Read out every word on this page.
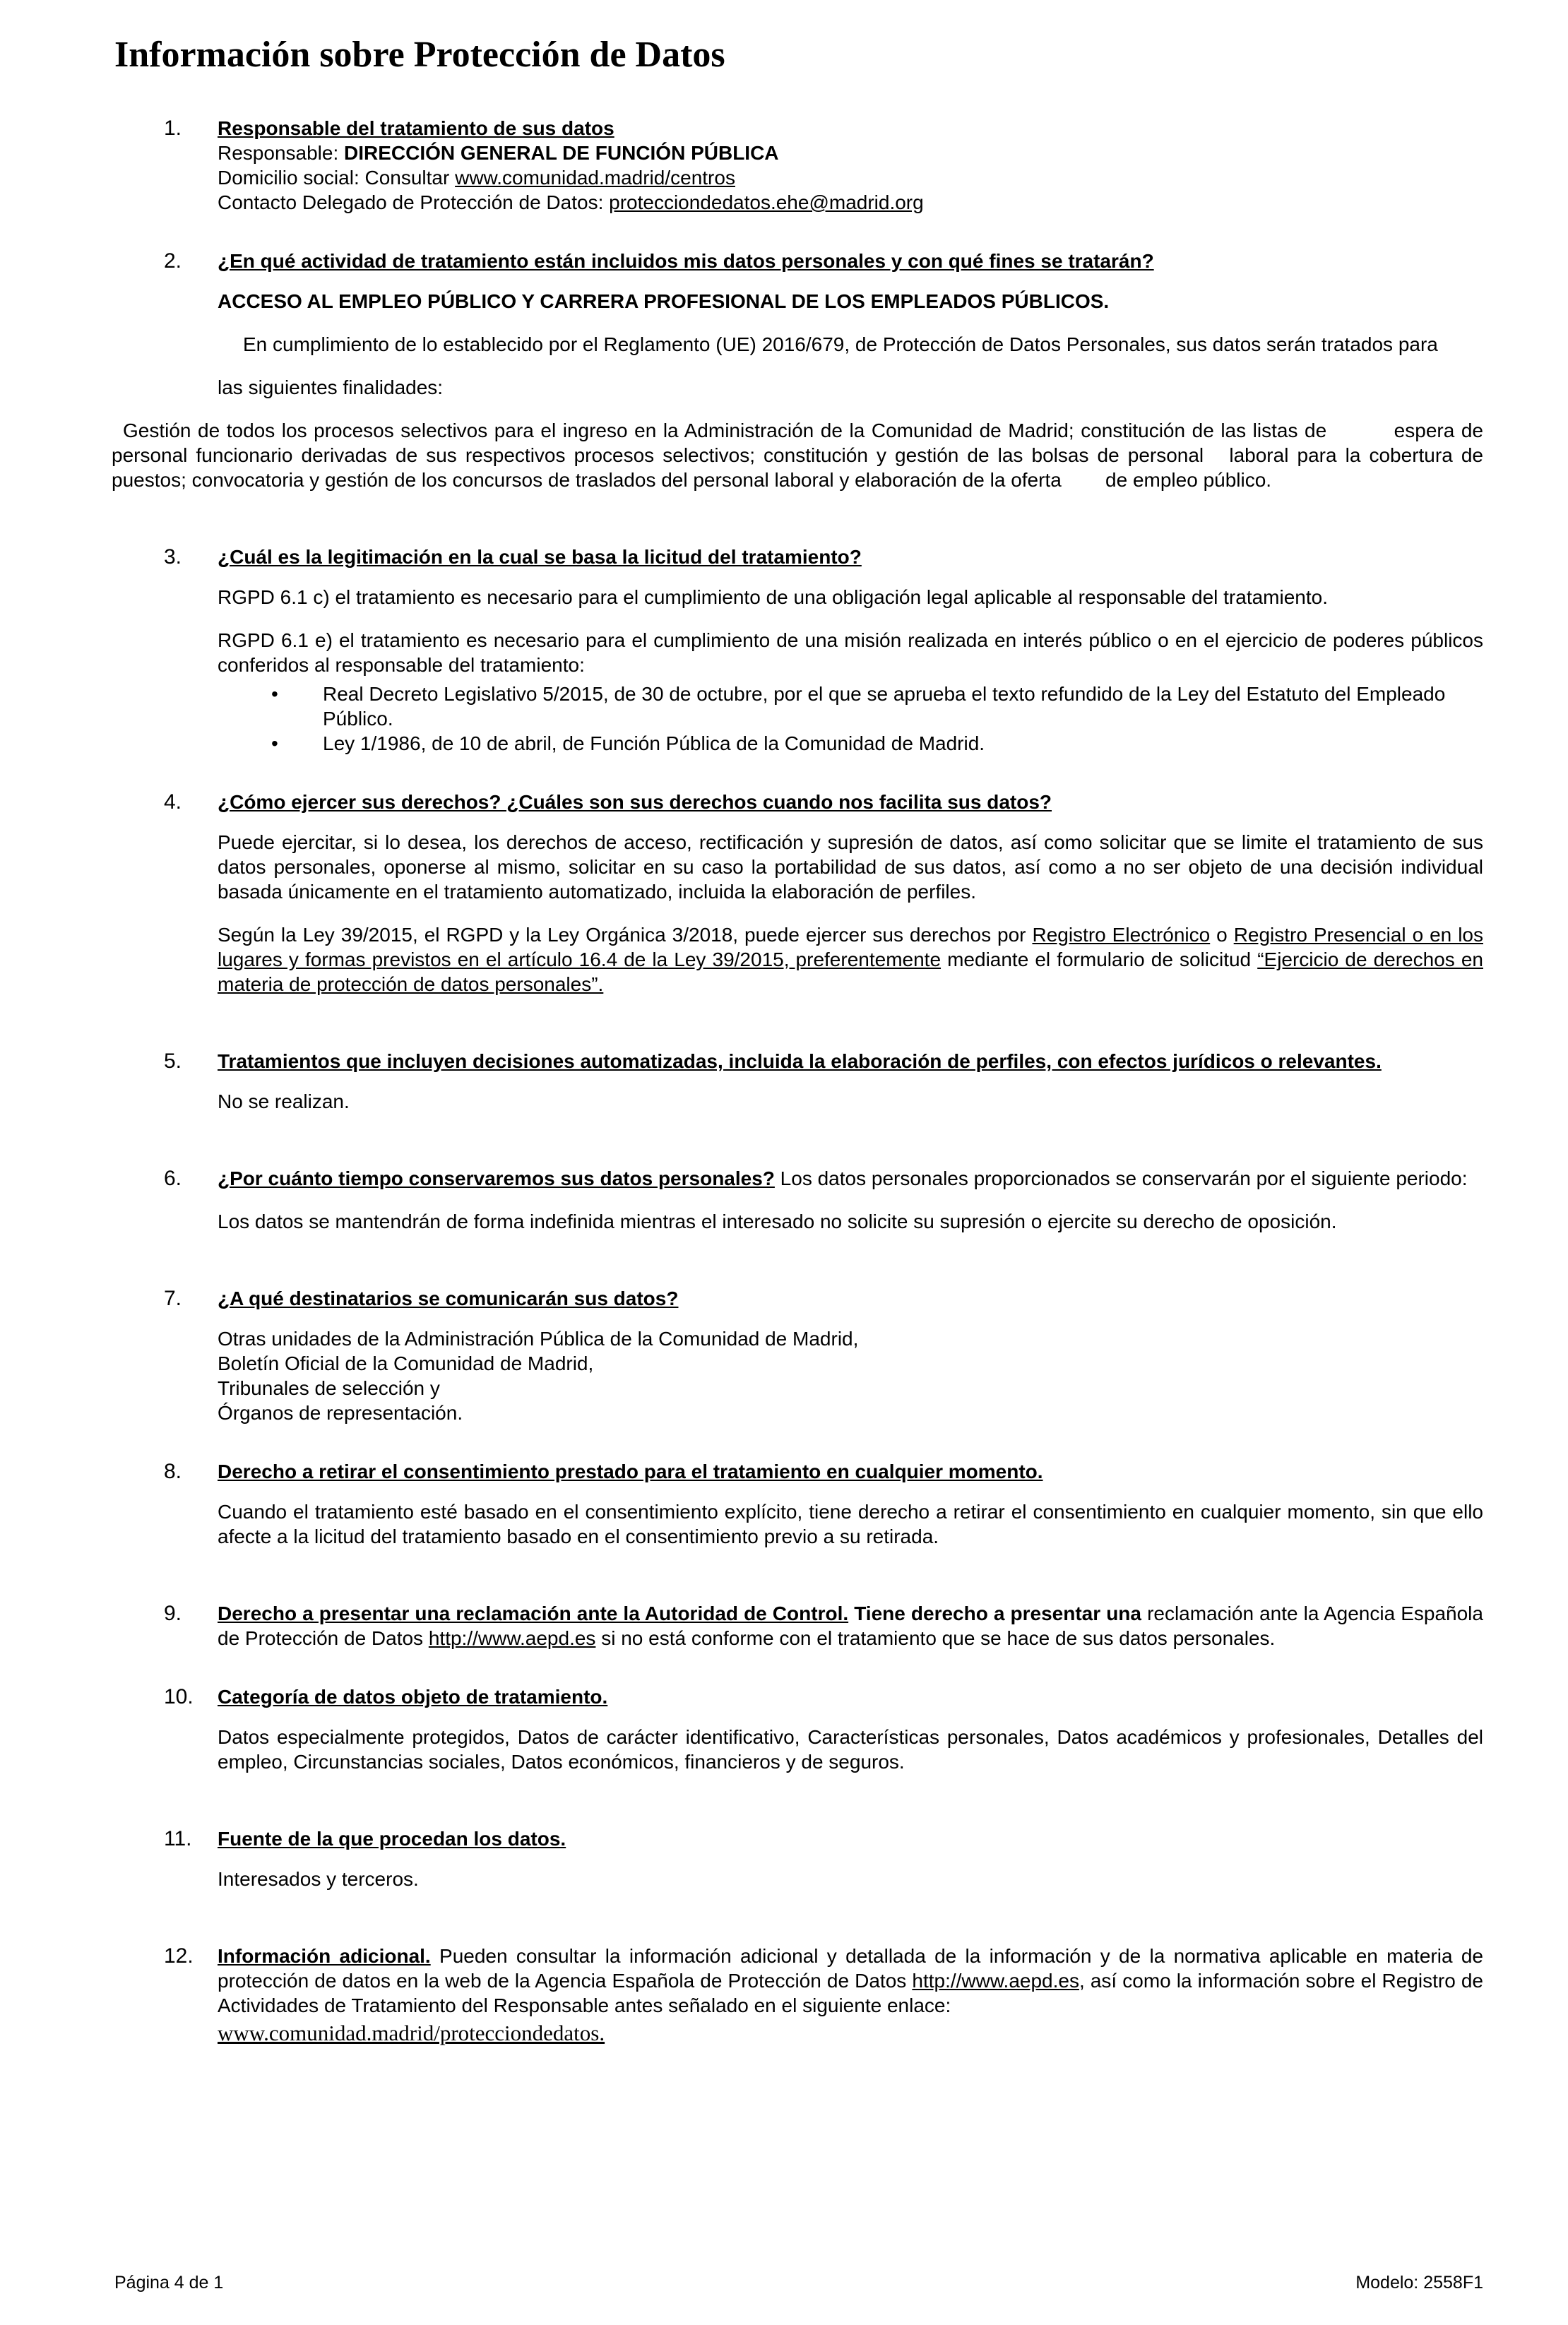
Información sobre Protección de Datos
1.	Responsable del tratamiento de sus datos
Responsable: DIRECCIÓN GENERAL DE FUNCIÓN PÚBLICA
Domicilio social: Consultar www.comunidad.madrid/centros
Contacto Delegado de Protección de Datos: protecciondedatos.ehe@madrid.org
2.	¿En qué actividad de tratamiento están incluidos mis datos personales y con qué fines se tratarán?

ACCESO AL EMPLEO PÚBLICO Y CARRERA PROFESIONAL DE LOS EMPLEADOS PÚBLICOS.

En cumplimiento de lo establecido por el Reglamento (UE) 2016/679, de Protección de Datos Personales, sus datos serán tratados para

las siguientes finalidades:

Gestión de todos los procesos selectivos para el ingreso en la Administración de la Comunidad de Madrid; constitución de las listas de          espera de personal funcionario derivadas de sus respectivos procesos selectivos; constitución y gestión de las bolsas de personal   laboral para la cobertura de puestos; convocatoria y gestión de los concursos de traslados del personal laboral y elaboración de la oferta        de empleo público.
3.	¿Cuál es la legitimación en la cual se basa la licitud del tratamiento?

RGPD 6.1 c) el tratamiento es necesario para el cumplimiento de una obligación legal aplicable al responsable del tratamiento.

RGPD 6.1 e) el tratamiento es necesario para el cumplimiento de una misión realizada en interés público o en el ejercicio de poderes públicos conferidos al responsable del tratamiento:

•	Real Decreto Legislativo 5/2015, de 30 de octubre, por el que se aprueba el texto refundido de la Ley del Estatuto del Empleado Público.
•	Ley 1/1986, de 10 de abril, de Función Pública de la Comunidad de Madrid.
4.	¿Cómo ejercer sus derechos? ¿Cuáles son sus derechos cuando nos facilita sus datos?

Puede ejercitar, si lo desea, los derechos de acceso, rectificación y supresión de datos, así como solicitar que se limite el tratamiento de sus datos personales, oponerse al mismo, solicitar en su caso la portabilidad de sus datos, así como a no ser objeto de una decisión individual basada únicamente en el tratamiento automatizado, incluida la elaboración de perfiles.

Según la Ley 39/2015, el RGPD y la Ley Orgánica 3/2018, puede ejercer sus derechos por Registro Electrónico o Registro Presencial o en los lugares y formas previstos en el artículo 16.4 de la Ley 39/2015, preferentemente mediante el formulario de solicitud “Ejercicio de derechos en materia de protección de datos personales”.

5.	Tratamientos que incluyen decisiones automatizadas, incluida la elaboración de perfiles, con efectos jurídicos o relevantes.

No se realizan.

6.	¿Por cuánto tiempo conservaremos sus datos personales? Los datos personales proporcionados se conservarán por el siguiente periodo:

Los datos se mantendrán de forma indefinida mientras el interesado no solicite su supresión o ejercite su derecho de oposición.

7.	¿A qué destinatarios se comunicarán sus datos?
Otras unidades de la Administración Pública de la Comunidad de Madrid,
Boletín Oficial de la Comunidad de Madrid,
Tribunales de selección y
Órganos de representación.
8.	Derecho a retirar el consentimiento prestado para el tratamiento en cualquier momento.

Cuando el tratamiento esté basado en el consentimiento explícito, tiene derecho a retirar el consentimiento en cualquier momento, sin que ello afecte a la licitud del tratamiento basado en el consentimiento previo a su retirada.

9.	Derecho a presentar una reclamación ante la Autoridad de Control. Tiene derecho a presentar una reclamación ante la Agencia Española de Protección de Datos http://www.aepd.es si no está conforme con el tratamiento que se hace de sus datos personales.

10.	Categoría de datos objeto de tratamiento.

Datos especialmente protegidos, Datos de carácter identificativo, Características personales, Datos académicos y profesionales, Detalles del empleo, Circunstancias sociales, Datos económicos, financieros y de seguros.

11.	Fuente de la que procedan los datos.

Interesados y terceros.

12.	Información adicional. Pueden consultar la información adicional y detallada de la información y de la normativa aplicable en materia de protección de datos en la web de la Agencia Española de Protección de Datos http://www.aepd.es, así como la información sobre el Registro de Actividades de Tratamiento del Responsable antes señalado en el siguiente enlace:

www.comunidad.madrid/protecciondedatos.
Página 4 de 1	Modelo: 2558F1
